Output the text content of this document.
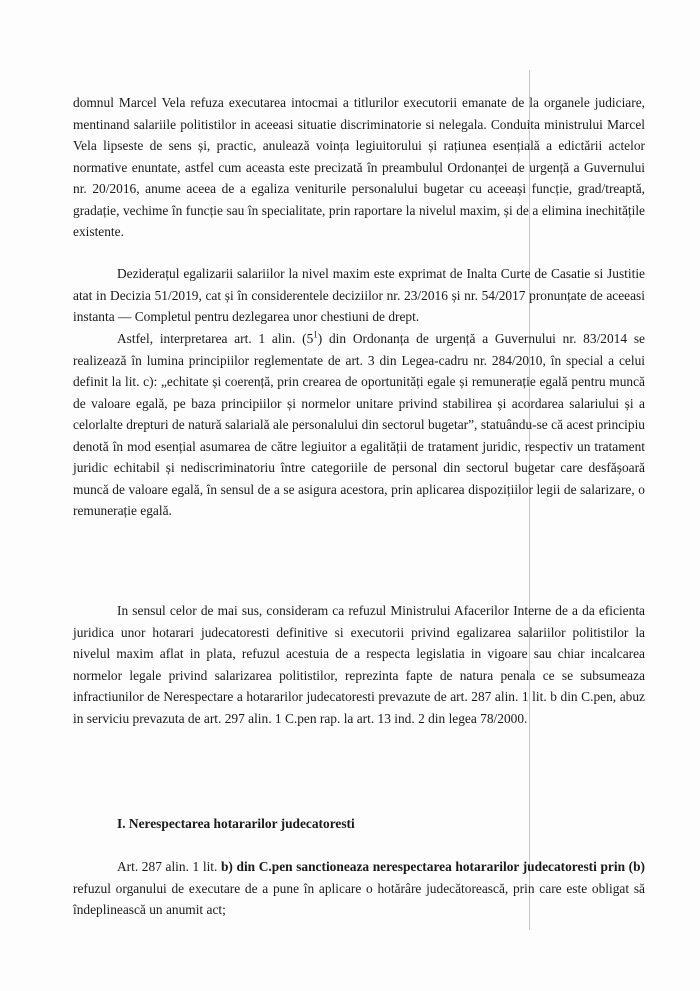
domnul Marcel Vela refuza executarea intocmai a titlurilor executorii emanate de la organele judiciare, mentinand salariile politistilor in aceeasi situatie discriminatorie si nelegala. Conduita ministrului Marcel Vela lipseste de sens și, practic, anulează voința legiuitorului și rațiunea esențială a edictării actelor normative enuntate, astfel cum aceasta este precizată în preambulul Ordonanței de urgență a Guvernului nr. 20/2016, anume aceea de a egaliza veniturile personalului bugetar cu aceeași funcție, grad/treaptă, gradație, vechime în funcție sau în specialitate, prin raportare la nivelul maxim, și de a elimina inechitățile existente.

Deziderațul egalizarii salariilor la nivel maxim este exprimat de Inalta Curte de Casatie si Justitie atat in Decizia 51/2019, cat și în considerentele deciziilor nr. 23/2016 și nr. 54/2017 pronunțate de aceeasi instanta — Completul pentru dezlegarea unor chestiuni de drept.

Astfel, interpretarea art. 1 alin. $(5^1)$ din Ordonanța de urgență a Guvernului nr. 83/2014 se realizează în lumina principiilor reglementate de art. 3 din Legea-cadru nr. 284/2010, în special a celui definit la lit. c): „echitate și coerență, prin crearea de oportunități egale și remunerație egală pentru muncă de valoare egală, pe baza principiilor și normelor unitare privind stabilirea și acordarea salariului și a celorlalte drepturi de natură salarială ale personalului din sectorul bugetar”, statuându-se că acest principiu denotă în mod esențial asumarea de către legiuitor a egalității de tratament juridic, respectiv un tratament juridic echitabil și nediscriminatoriu între categoriile de personal din sectorul bugetar care desfășoară muncă de valoare egală, în sensul de a se asigura acestora, prin aplicarea dispozițiilor legii de salarizare, o remunerație egală.

In sensul celor de mai sus, consideram ca refuzul Ministrului Afacerilor Interne de a da eficienta juridica unor hotarari judecatoresti definitive si executorii privind egalizarea salariilor politistilor la nivelul maxim aflat in plata, refuzul acestuia de a respecta legislatia in vigoare sau chiar incalcarea normelor legale privind salarizarea politistilor, reprezinta fapte de natura penala ce se subsumeaza infractiunilor de Nerespectare a hotararilor judecatoresti prevazute de art. 287 alin. 1 lit. b din C.pen, abuz in serviciu prevazuta de art. 297 alin. 1 C.pen rap. la art. 13 ind. 2 din legea 78/2000.

I. Nerespectarea hotararilor judecatoresti

Art. 287 alin. 1 lit. b) din C.pen sanctioneaza nerespectarea hotararilor judecatoresti prin (b) refuzul organului de executare de a pune în aplicare o hotărâre judecătorească, prin care este obligat să îndeplinească un anumit act;
